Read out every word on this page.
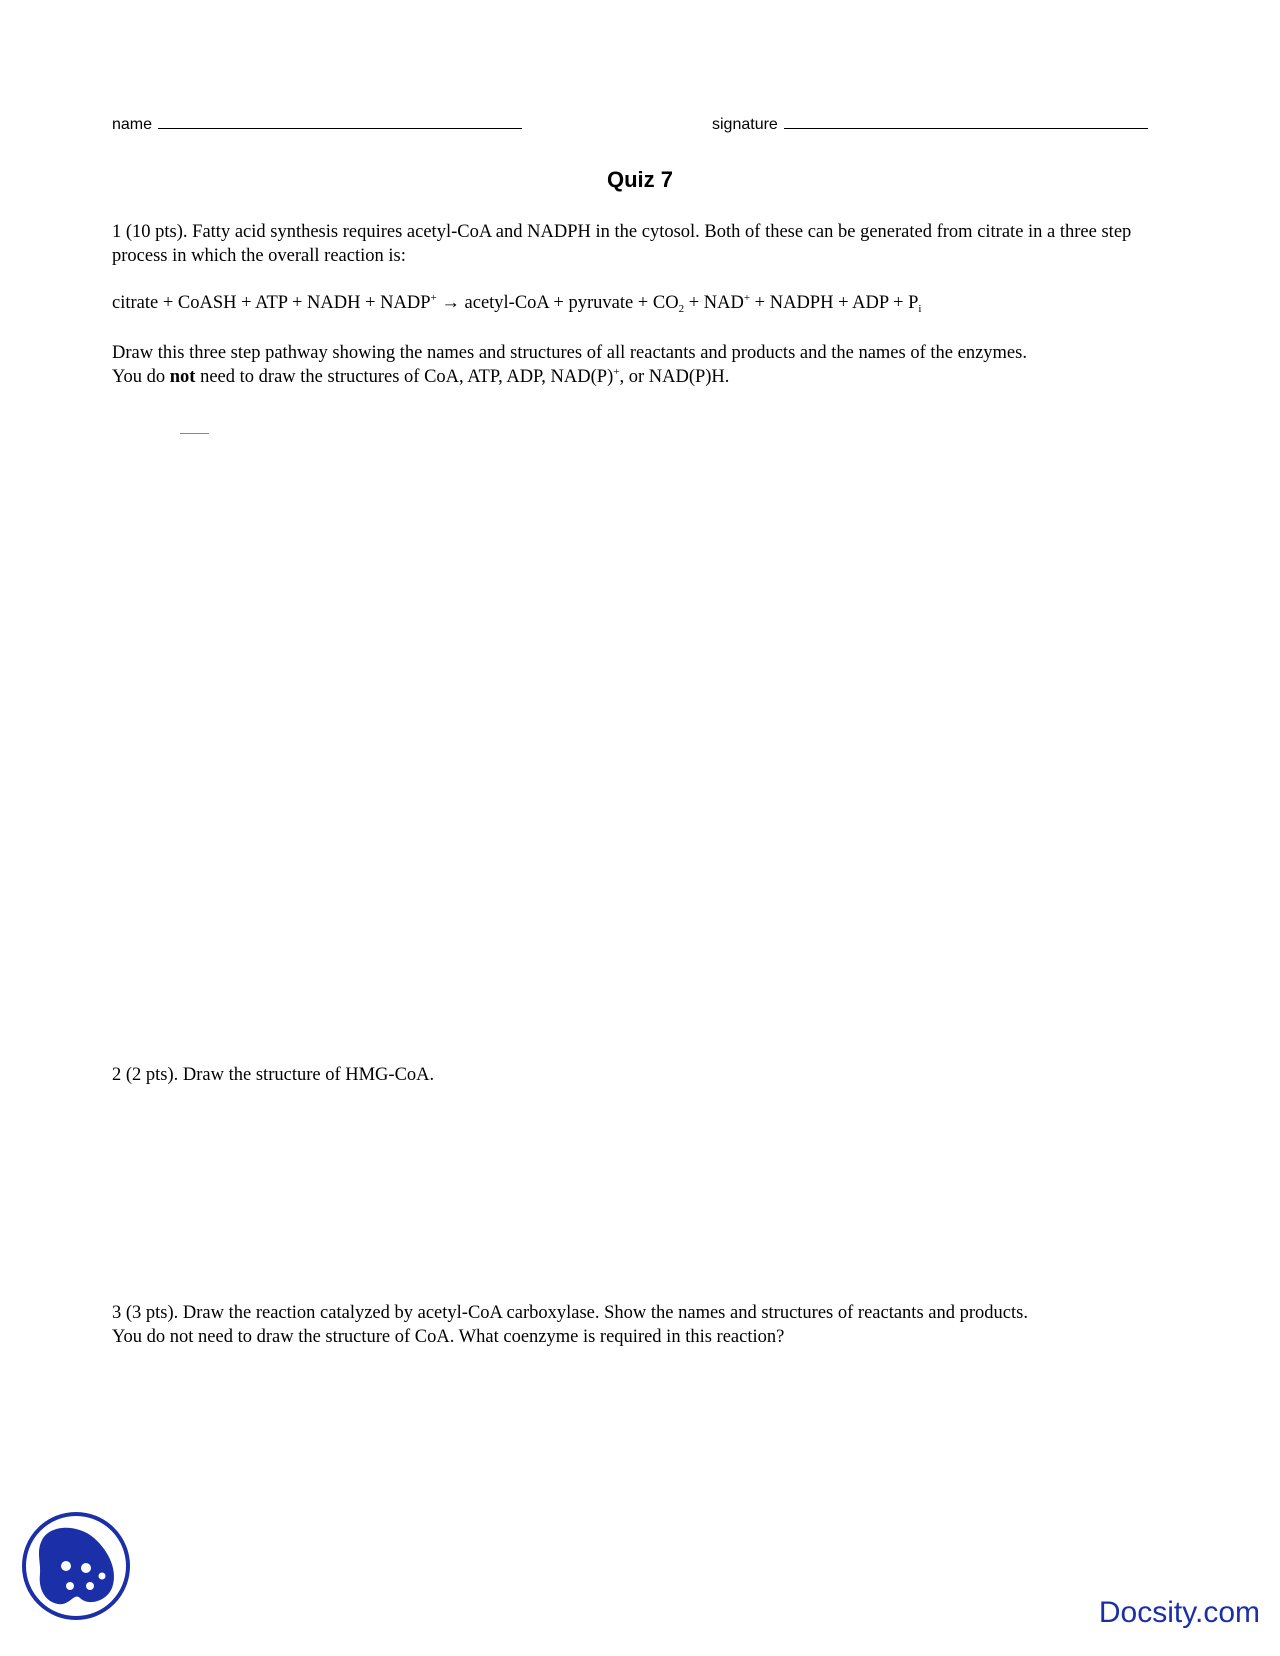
name	signature
Quiz 7
1 (10 pts). Fatty acid synthesis requires acetyl-CoA and NADPH in the cytosol. Both of these can be generated from citrate in a three step process in which the overall reaction is:
citrate + CoASH + ATP + NADH + NADP+ → acetyl-CoA + pyruvate + $CO_2 + NAD^+$ + NADPH + ADP + $P_i$
Draw this three step pathway showing the names and structures of all reactants and products and the names of the enzymes.
You do not need to draw the structures of CoA, ATP, ADP, NAD(P)+, or NAD(P)H.
2 (2 pts). Draw the structure of HMG-CoA.
3 (3 pts). Draw the reaction catalyzed by acetyl-CoA carboxylase. Show the names and structures of reactants and products.
You do not need to draw the structure of CoA. What coenzyme is required in this reaction?
Docsity.com
